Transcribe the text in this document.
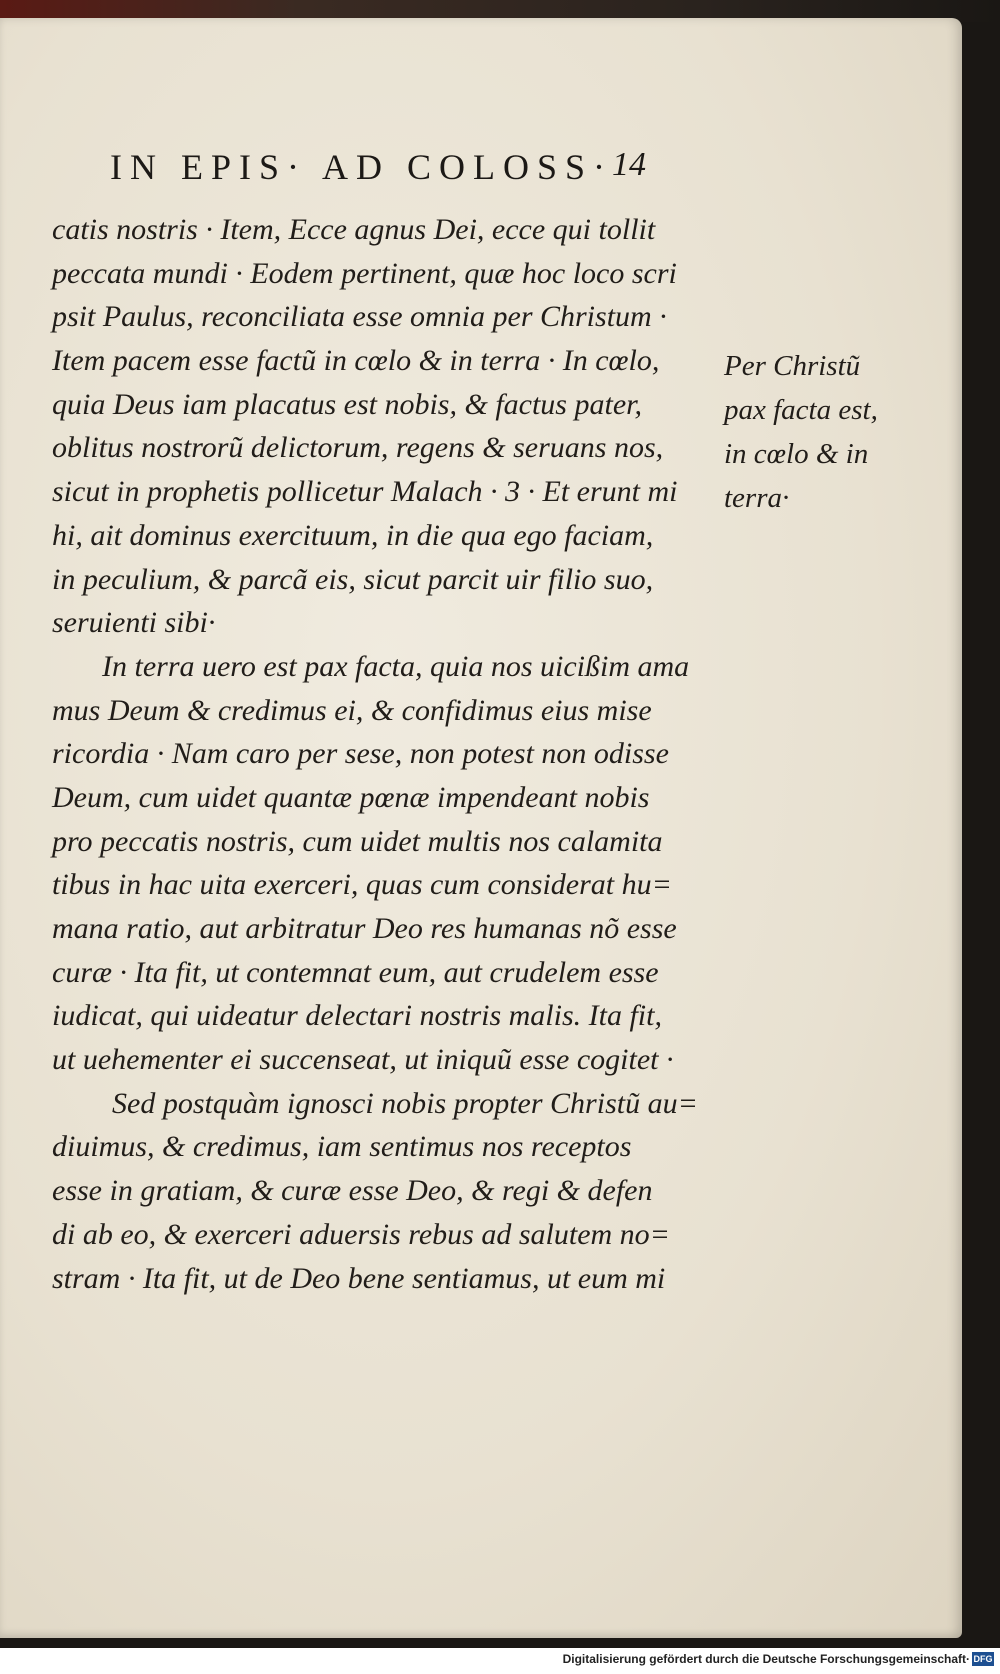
IN EPIS· AD COLOSS·
14
catis nostris · Item, Ecce agnus Dei, ecce qui tollit
peccata mundi · Eodem pertinent, quæ hoc loco scri
psit Paulus, reconciliata esse omnia per Christum ·
Item pacem esse factũ in cœlo & in terra · In cœlo,
quia Deus iam placatus est nobis, & factus pater,
oblitus nostrorũ delictorum, regens & seruans nos,
sicut in prophetis pollicetur Malach · 3 · Et erunt mi
hi, ait dominus exercituum, in die qua ego faciam,
in peculium, & parcã eis, sicut parcit uir filio suo,
seruienti sibi·
In terra uero est pax facta, quia nos uicißim ama
mus Deum & credimus ei, & confidimus eius mise
ricordia · Nam caro per sese, non potest non odisse
Deum, cum uidet quantæ pœnæ impendeant nobis
pro peccatis nostris, cum uidet multis nos calamita
tibus in hac uita exerceri, quas cum considerat hu=
mana ratio, aut arbitratur Deo res humanas nõ esse
curæ · Ita fit, ut contemnat eum, aut crudelem esse
iudicat, qui uideatur delectari nostris malis. Ita fit,
ut uehementer ei succenseat, ut iniquũ esse cogitet ·
Sed postquàm ignosci nobis propter Christũ au=
diuimus, & credimus, iam sentimus nos receptos
esse in gratiam, & curæ esse Deo, & regi & defen
di ab eo, & exerceri aduersis rebus ad salutem no=
stram · Ita fit, ut de Deo bene sentiamus, ut eum mi
Per Christũ
pax facta est,
in cœlo & in
terra·
Digitalisierung gefördert durch die Deutsche Forschungsgemeinschaft· DFG
